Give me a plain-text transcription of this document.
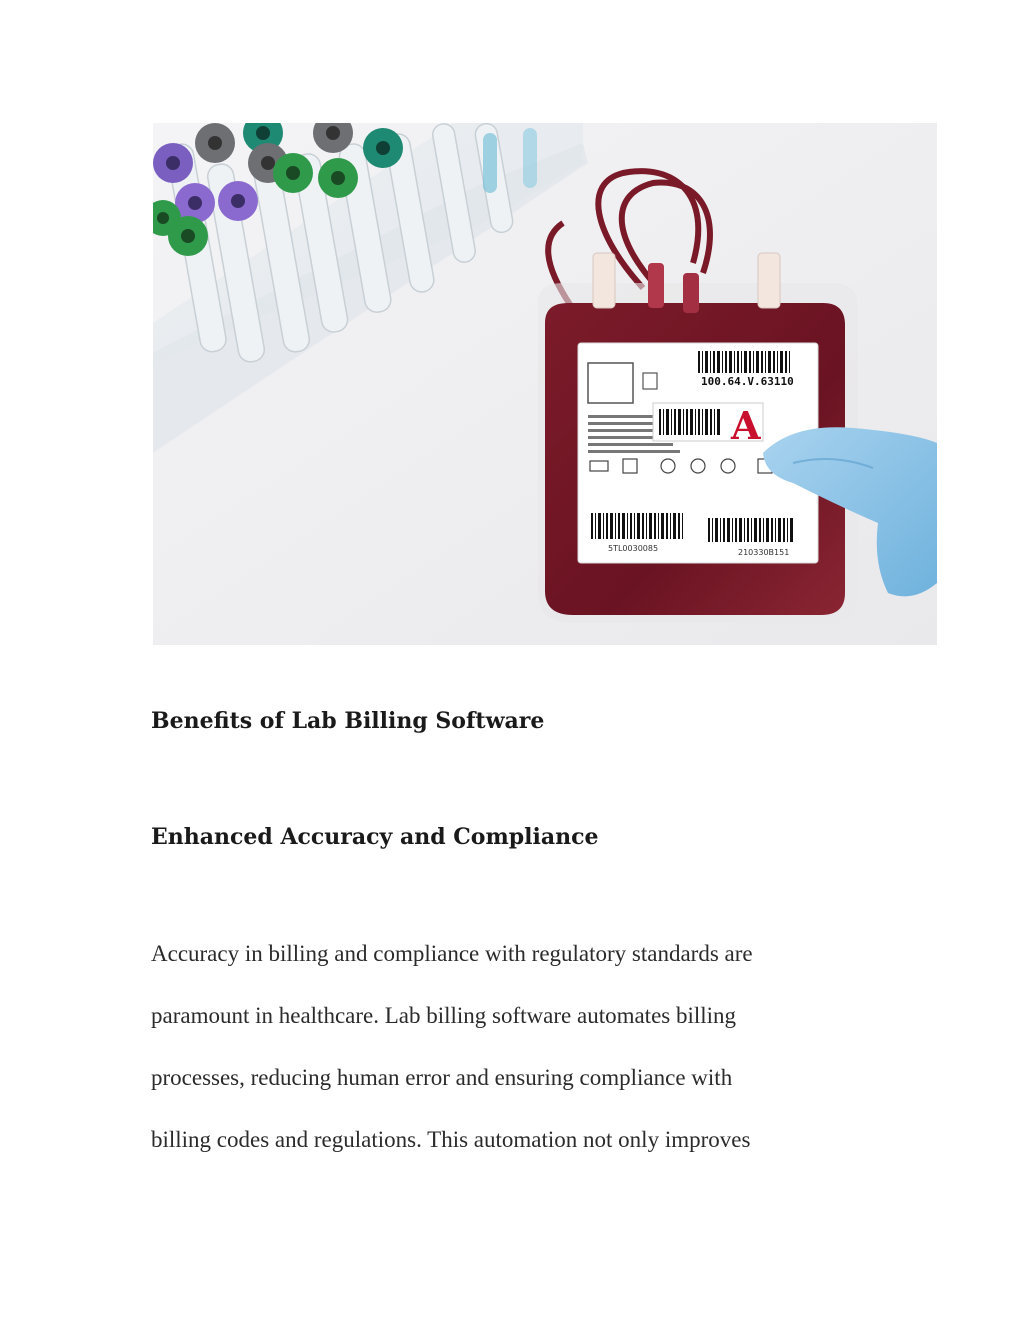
100.64.V.63110
A
5TL0030085	210330B151
Benefits of Lab Billing Software
Enhanced Accuracy and Compliance

Accuracy in billing and compliance with regulatory standards are
paramount in healthcare. Lab billing software automates billing
processes, reducing human error and ensuring compliance with
billing codes and regulations. This automation not only improves
